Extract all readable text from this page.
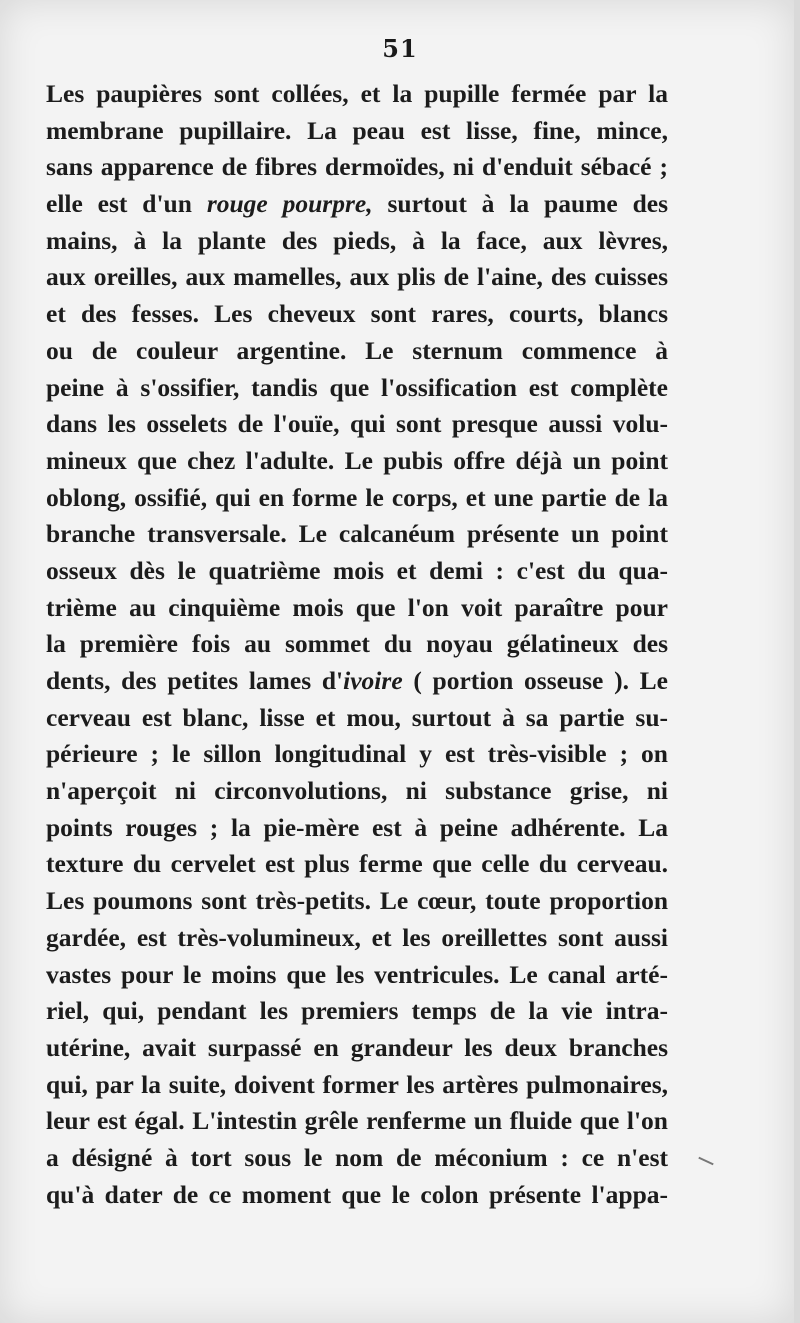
51
Les paupières sont collées, et la pupille fermée par la
membrane pupillaire. La peau est lisse, fine, mince,
sans apparence de fibres dermoïdes, ni d'enduit sébacé ;
elle est d'un rouge pourpre, surtout à la paume des
mains, à la plante des pieds, à la face, aux lèvres,
aux oreilles, aux mamelles, aux plis de l'aine, des cuisses
et des fesses. Les cheveux sont rares, courts, blancs
ou de couleur argentine. Le sternum commence à
peine à s'ossifier, tandis que l'ossification est complète
dans les osselets de l'ouïe, qui sont presque aussi volu-
mineux que chez l'adulte. Le pubis offre déjà un point
oblong, ossifié, qui en forme le corps, et une partie de la
branche transversale. Le calcanéum présente un point
osseux dès le quatrième mois et demi : c'est du qua-
trième au cinquième mois que l'on voit paraître pour
la première fois au sommet du noyau gélatineux des
dents, des petites lames d'ivoire ( portion osseuse ). Le
cerveau est blanc, lisse et mou, surtout à sa partie su-
périeure ; le sillon longitudinal y est très-visible ; on
n'aperçoit ni circonvolutions, ni substance grise, ni
points rouges ; la pie-mère est à peine adhérente. La
texture du cervelet est plus ferme que celle du cerveau.
Les poumons sont très-petits. Le cœur, toute proportion
gardée, est très-volumineux, et les oreillettes sont aussi
vastes pour le moins que les ventricules. Le canal arté-
riel, qui, pendant les premiers temps de la vie intra-
utérine, avait surpassé en grandeur les deux branches
qui, par la suite, doivent former les artères pulmonaires,
leur est égal. L'intestin grêle renferme un fluide que l'on
a désigné à tort sous le nom de méconium : ce n'est
qu'à dater de ce moment que le colon présente l'appa-
